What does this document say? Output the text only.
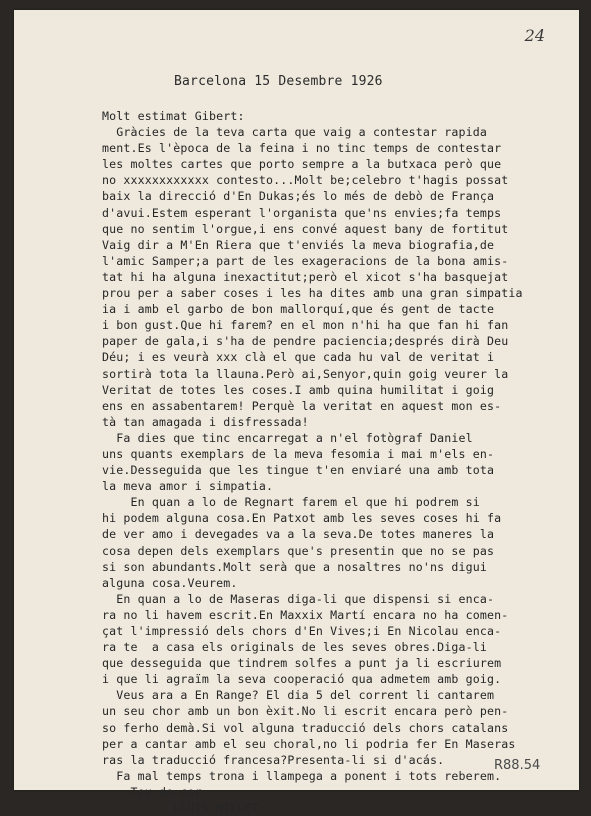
24
Barcelona 15 Desembre 1926
Molt estimat Gibert:
Gràcies de la teva carta que vaig a contestar rapida
ment.Es l'època de la feina i no tinc temps de contestar
les moltes cartes que porto sempre a la butxaca però que
no xxxxxxxxxxxx contesto...Molt be;celebro t'hagis possat
baix la direcció d'En Dukas;és lo més de debò de França
d'avui.Estem esperant l'organista que'ns envies;fa temps
que no sentim l'orgue,i ens convé aquest bany de fortitut
Vaig dir a M'En Riera que t'enviés la meva biografia,de
l'amic Samper;a part de les exageracions de la bona amis-
tat hi ha alguna inexactitut;però el xicot s'ha basquejat
prou per a saber coses i les ha dites amb una gran simpatia
ia i amb el garbo de bon mallorquí,que és gent de tacte
i bon gust.Que hi farem? en el mon n'hi ha que fan hi fan
paper de gala,i s'ha de pendre paciencia;després dirà Deu
Déu; i es veurà xxx clà el que cada hu val de veritat i
sortirà tota la llauna.Però ai,Senyor,quin goig veurer la
Veritat de totes les coses.I amb quina humilitat i goig
ens en assabentarem! Perquè la veritat en aquest mon es-
tà tan amagada i disfressada!
Fa dies que tinc encarregat a n'el fotògraf Daniel
uns quants exemplars de la meva fesomia i mai m'els en-
vie.Desseguida que les tingue t'en enviaré una amb tota
la meva amor i simpatia.
En quan a lo de Regnart farem el que hi podrem si
hi podem alguna cosa.En Patxot amb les seves coses hi fa
de ver amo i devegades va a la seva.De totes maneres la
cosa depen dels exemplars que's presentin que no se pas
si son abundants.Molt serà que a nosaltres no'ns digui
alguna cosa.Veurem.
En quan a lo de Maseras diga-li que dispensi si enca-
ra no li havem escrit.En Maxxix Martí encara no ha comen-
çat l'impressió dels chors d'En Vives;i En Nicolau enca-
ra te  a casa els originals de les seves obres.Diga-li
que desseguida que tindrem solfes a punt ja li escriurem
i que li agraïm la seva cooperació qua admetem amb goig.
Veus ara a En Range? El dia 5 del corrent li cantarem
un seu chor amb un bon èxit.No li escrit encara però pen-
so ferho demà.Si vol alguna traducció dels chors catalans
per a cantar amb el seu choral,no li podria fer En Maseras
ras la traducció francesa?Presenta-li si d'acás.
Fa mal temps trona i llampega a ponent i tots reberem.
Teu de cor
LLUIS MILLET
R88.54
